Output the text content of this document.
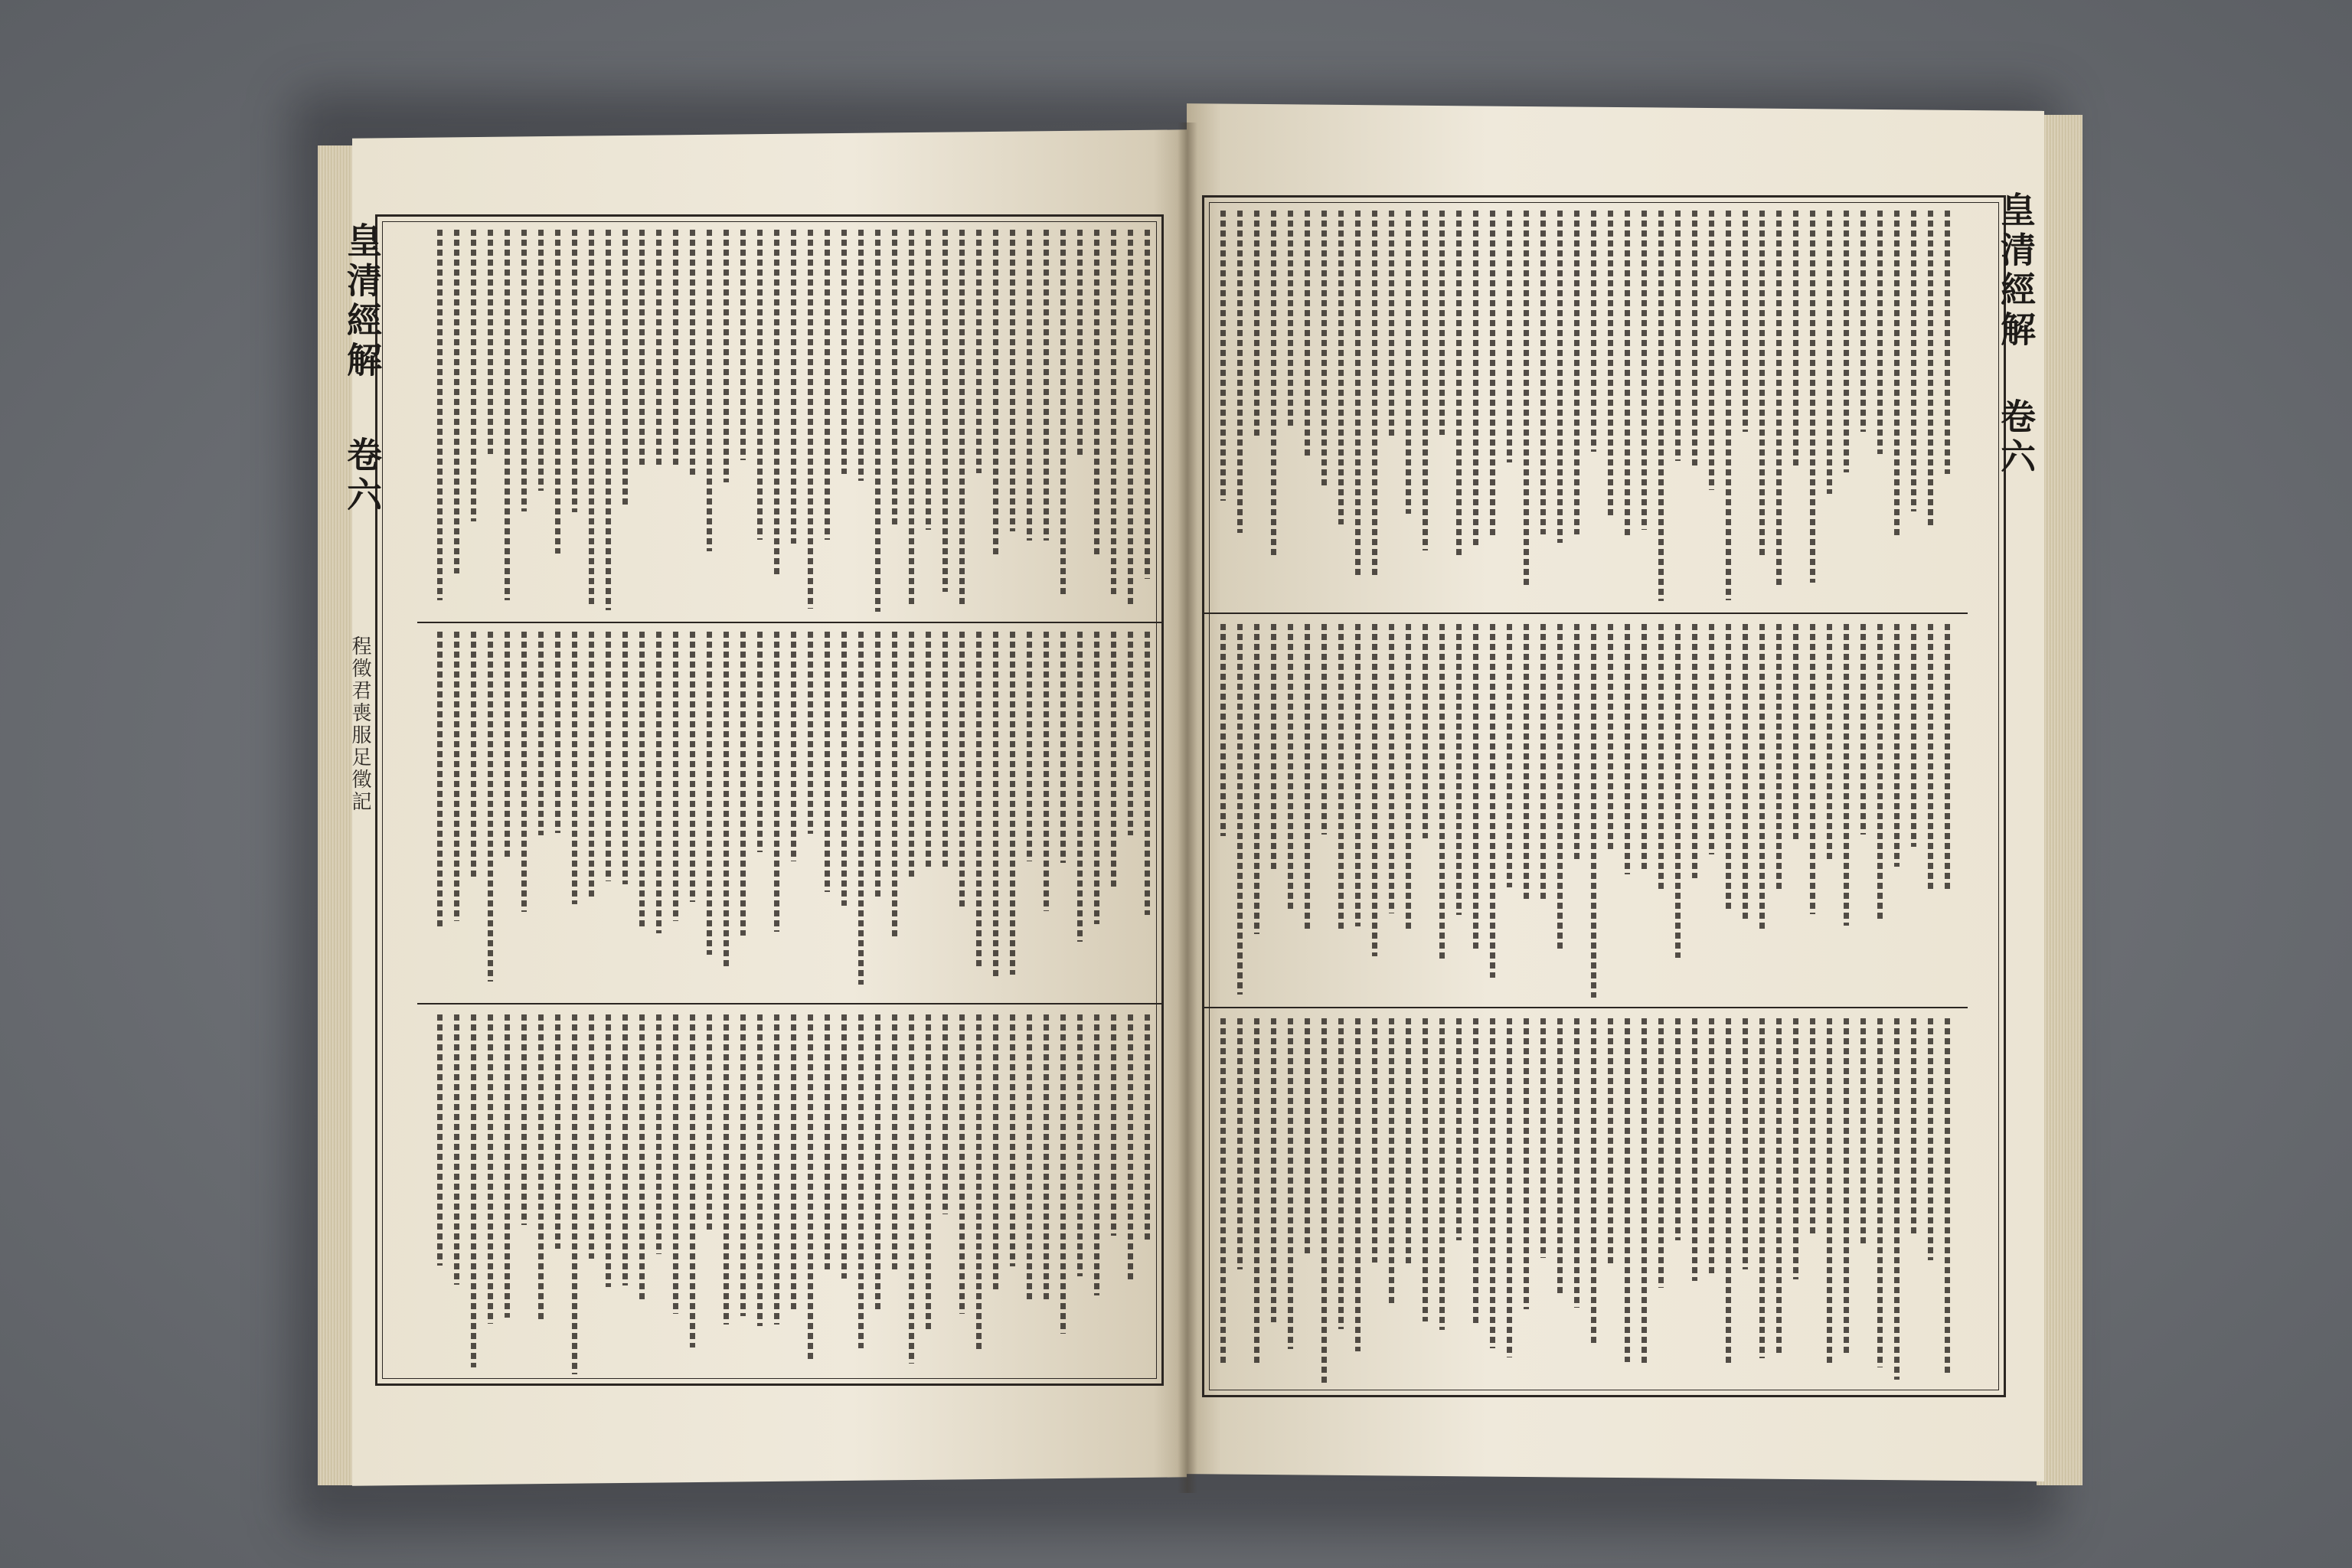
皇清經解
卷六
程徵君喪服足徵記
皇清經解
卷六
